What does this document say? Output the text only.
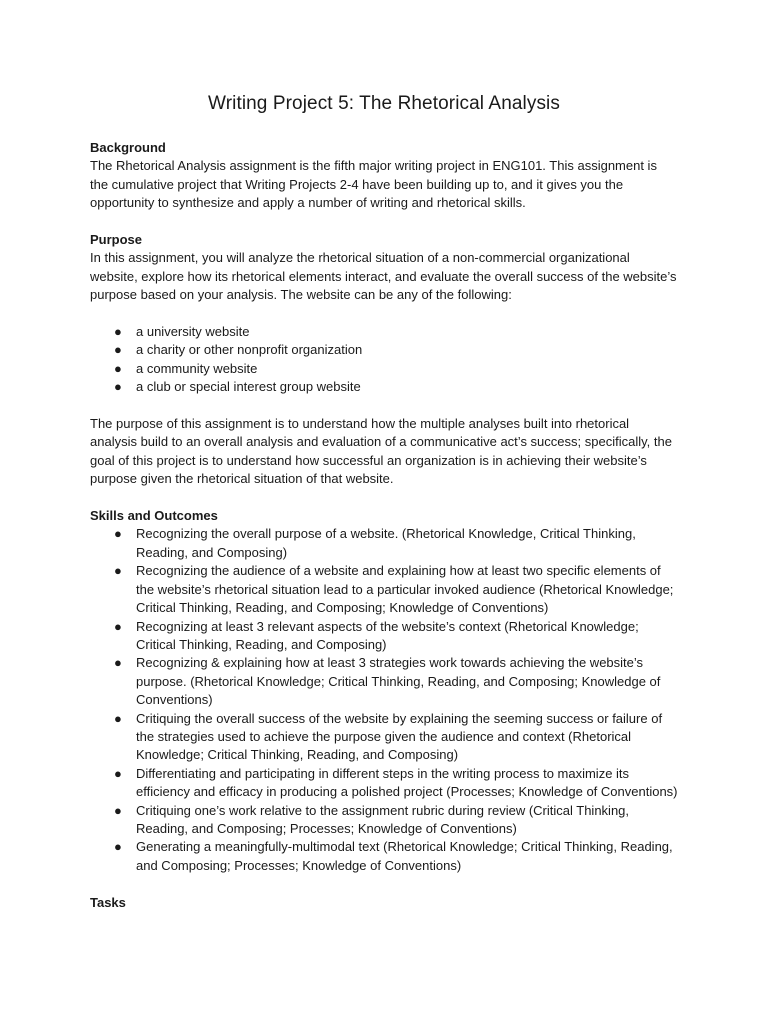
Writing Project 5: The Rhetorical Analysis

Background

The Rhetorical Analysis assignment is the fifth major writing project in ENG101. This assignment is the cumulative project that Writing Projects 2-4 have been building up to, and it gives you the opportunity to synthesize and apply a number of writing and rhetorical skills.

Purpose

In this assignment, you will analyze the rhetorical situation of a non-commercial organizational website, explore how its rhetorical elements interact, and evaluate the overall success of the website’s purpose based on your analysis. The website can be any of the following:

● a university website
● a charity or other nonprofit organization
● a community website
● a club or special interest group website

The purpose of this assignment is to understand how the multiple analyses built into rhetorical analysis build to an overall analysis and evaluation of a communicative act’s success; specifically, the goal of this project is to understand how successful an organization is in achieving their website’s purpose given the rhetorical situation of that website.

Skills and Outcomes

● Recognizing the overall purpose of a website. (Rhetorical Knowledge, Critical Thinking, Reading, and Composing)
● Recognizing the audience of a website and explaining how at least two specific elements of the website’s rhetorical situation lead to a particular invoked audience (Rhetorical Knowledge; Critical Thinking, Reading, and Composing; Knowledge of Conventions)
● Recognizing at least 3 relevant aspects of the website’s context (Rhetorical Knowledge; Critical Thinking, Reading, and Composing)
● Recognizing & explaining how at least 3 strategies work towards achieving the website’s purpose. (Rhetorical Knowledge; Critical Thinking, Reading, and Composing; Knowledge of Conventions)
● Critiquing the overall success of the website by explaining the seeming success or failure of the strategies used to achieve the purpose given the audience and context (Rhetorical Knowledge; Critical Thinking, Reading, and Composing)
● Differentiating and participating in different steps in the writing process to maximize its efficiency and efficacy in producing a polished project (Processes; Knowledge of Conventions)
● Critiquing one’s work relative to the assignment rubric during review (Critical Thinking, Reading, and Composing; Processes; Knowledge of Conventions)
● Generating a meaningfully-multimodal text (Rhetorical Knowledge; Critical Thinking, Reading, and Composing; Processes; Knowledge of Conventions)

Tasks
